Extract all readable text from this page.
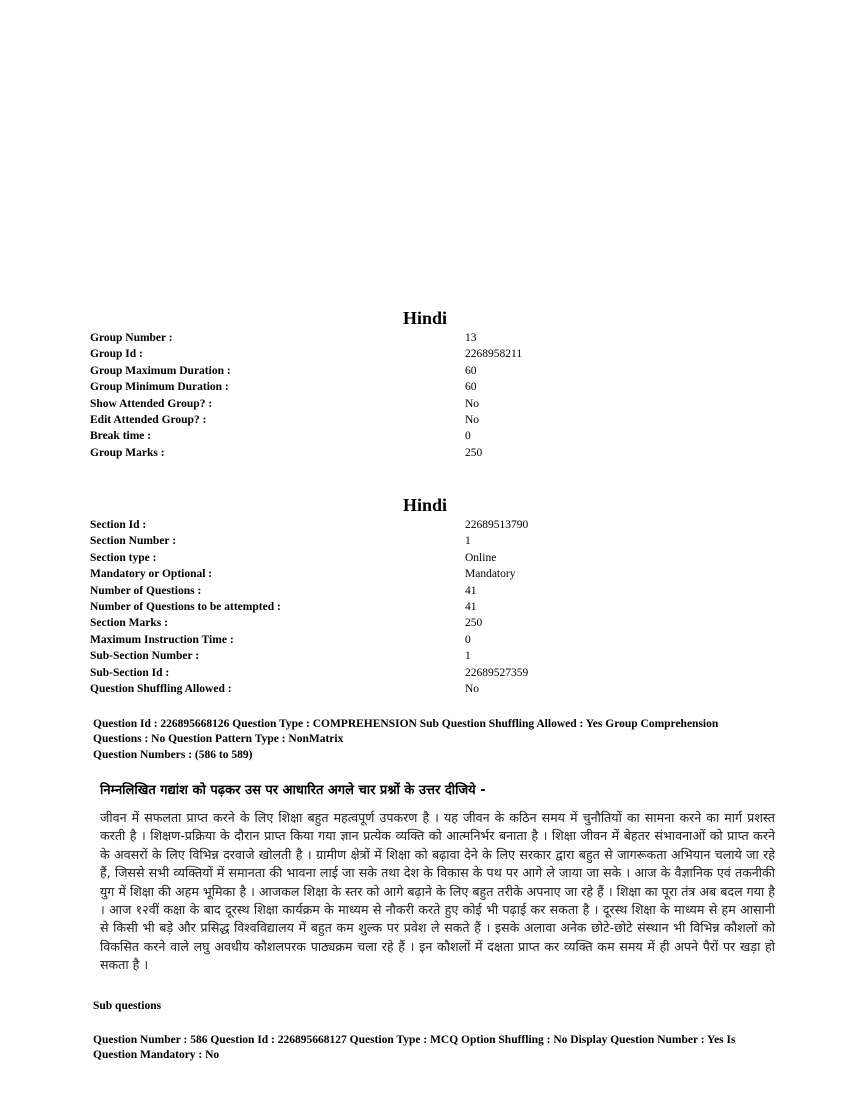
Hindi
Group Number :	13
Group Id :	2268958211
Group Maximum Duration :	60
Group Minimum Duration :	60
Show Attended Group? :	No
Edit Attended Group? :	No
Break time :	0
Group Marks :	250
Hindi
Section Id :	22689513790
Section Number :	1
Section type :	Online
Mandatory or Optional :	Mandatory
Number of Questions :	41
Number of Questions to be attempted :	41
Section Marks :	250
Maximum Instruction Time :	0
Sub-Section Number :	1
Sub-Section Id :	22689527359
Question Shuffling Allowed :	No
Question Id : 226895668126 Question Type : COMPREHENSION Sub Question Shuffling Allowed : Yes Group Comprehension
Questions : No Question Pattern Type : NonMatrix
Question Numbers : (586 to 589)
निम्नलिखित गद्यांश को पढ़कर उस पर आधारित अगले चार प्रश्नों के उत्तर दीजिये -
जीवन में सफलता प्राप्त करने के लिए शिक्षा बहुत महत्वपूर्ण उपकरण है । यह जीवन के कठिन समय में चुनौतियों का सामना करने का मार्ग प्रशस्त करती है । शिक्षण-प्रक्रिया के दौरान प्राप्त किया गया ज्ञान प्रत्येक व्यक्ति को आत्मनिर्भर बनाता है । शिक्षा जीवन में बेहतर संभावनाओं को प्राप्त करने के अवसरों के लिए विभिन्न दरवाजे खोलती है । ग्रामीण क्षेत्रों में शिक्षा को बढ़ावा देने के लिए सरकार द्वारा बहुत से जागरूकता अभियान चलाये जा रहे हैं, जिससे सभी व्यक्तियों में समानता की भावना लाई जा सके तथा देश के विकास के पथ पर आगे ले जाया जा सके । आज के वैज्ञानिक एवं तकनीकी युग में शिक्षा की अहम भूमिका है । आजकल शिक्षा के स्तर को आगे बढ़ाने के लिए बहुत तरीके अपनाए जा रहे हैं । शिक्षा का पूरा तंत्र अब बदल गया है । आज १२वीं कक्षा के बाद दूरस्थ शिक्षा कार्यक्रम के माध्यम से नौकरी करते हुए कोई भी पढ़ाई कर सकता है । दूरस्थ शिक्षा के माध्यम से हम आसानी से किसी भी बड़े और प्रसिद्ध विश्वविद्यालय में बहुत कम शुल्क पर प्रवेश ले सकते हैं । इसके अलावा अनेक छोटे-छोटे संस्थान भी विभिन्न कौशलों को विकसित करने वाले लघु अवधीय कौशलपरक पाठ्यक्रम चला रहे हैं । इन कौशलों में दक्षता प्राप्त कर व्यक्ति कम समय में ही अपने पैरों पर खड़ा हो सकता है ।
Sub questions
Question Number : 586 Question Id : 226895668127 Question Type : MCQ Option Shuffling : No Display Question Number : Yes Is
Question Mandatory : No
